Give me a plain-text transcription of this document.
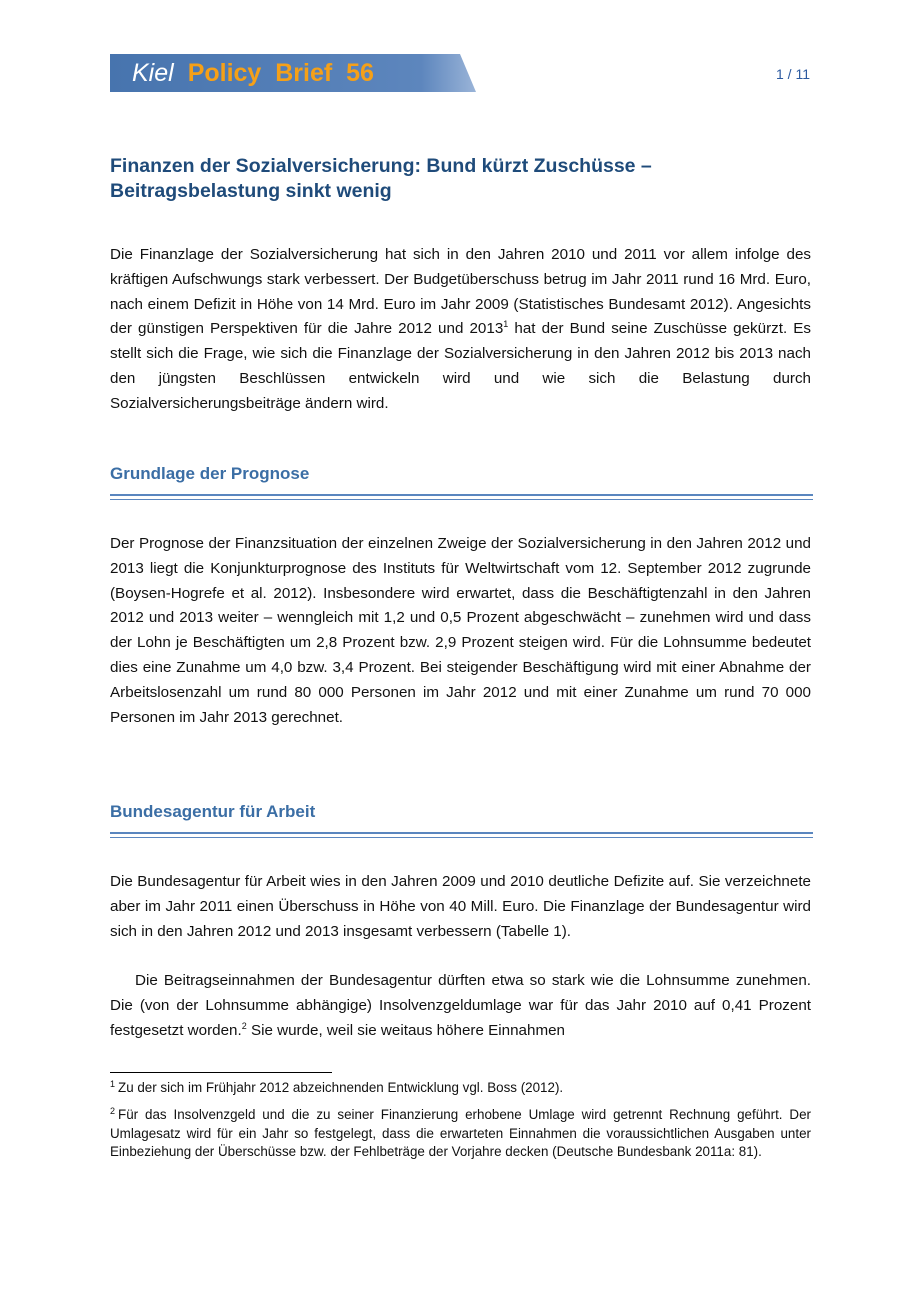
Kiel Policy  Brief  56	1 / 11
Finanzen der Sozialversicherung: Bund kürzt Zuschüsse – Beitragsbelastung sinkt wenig
Die Finanzlage der Sozialversicherung hat sich in den Jahren 2010 und 2011 vor allem infolge des kräftigen Aufschwungs stark verbessert. Der Budgetüberschuss betrug im Jahr 2011 rund 16 Mrd. Euro, nach einem Defizit in Höhe von 14 Mrd. Euro im Jahr 2009 (Statistisches Bundesamt 2012). Angesichts der günstigen Perspektiven für die Jahre 2012 und 2013$^1$ hat der Bund seine Zuschüsse gekürzt. Es stellt sich die Frage, wie sich die Finanzlage der Sozialversicherung in den Jahren 2012 bis 2013 nach den jüngsten Beschlüssen entwickeln wird und wie sich die Belastung durch Sozialversicherungsbeiträge ändern wird.
Grundlage der Prognose
Der Prognose der Finanzsituation der einzelnen Zweige der Sozialversicherung in den Jahren 2012 und 2013 liegt die Konjunkturprognose des Instituts für Weltwirtschaft vom 12. September 2012 zugrunde (Boysen-Hogrefe et al. 2012). Insbesondere wird erwartet, dass die Beschäftigtenzahl in den Jahren 2012 und 2013 weiter – wenngleich mit 1,2 und 0,5 Prozent abgeschwächt – zunehmen wird und dass der Lohn je Beschäftigten um 2,8 Prozent bzw. 2,9 Prozent steigen wird. Für die Lohnsumme bedeutet dies eine Zunahme um 4,0 bzw. 3,4 Prozent. Bei steigender Beschäftigung wird mit einer Abnahme der Arbeitslosenzahl um rund 80 000 Personen im Jahr 2012 und mit einer Zunahme um rund 70 000 Personen im Jahr 2013 gerechnet.
Bundesagentur für Arbeit
Die Bundesagentur für Arbeit wies in den Jahren 2009 und 2010 deutliche Defizite auf. Sie verzeichnete aber im Jahr 2011 einen Überschuss in Höhe von 40 Mill. Euro. Die Finanzlage der Bundesagentur wird sich in den Jahren 2012 und 2013 insgesamt verbessern (Tabelle 1).
Die Beitragseinnahmen der Bundesagentur dürften etwa so stark wie die Lohnsumme zunehmen. Die (von der Lohnsumme abhängige) Insolvenzgeldumlage war für das Jahr 2010 auf 0,41 Prozent festgesetzt worden.$^2$ Sie wurde, weil sie weitaus höhere Einnahmen
$^1$ Zu der sich im Frühjahr 2012 abzeichnenden Entwicklung vgl. Boss (2012).
$^2$ Für das Insolvenzgeld und die zu seiner Finanzierung erhobene Umlage wird getrennt Rechnung geführt. Der Umlagesatz wird für ein Jahr so festgelegt, dass die erwarteten Einnahmen die voraussichtlichen Ausgaben unter Einbeziehung der Überschüsse bzw. der Fehlbeträge der Vorjahre decken (Deutsche Bundesbank 2011a: 81).
